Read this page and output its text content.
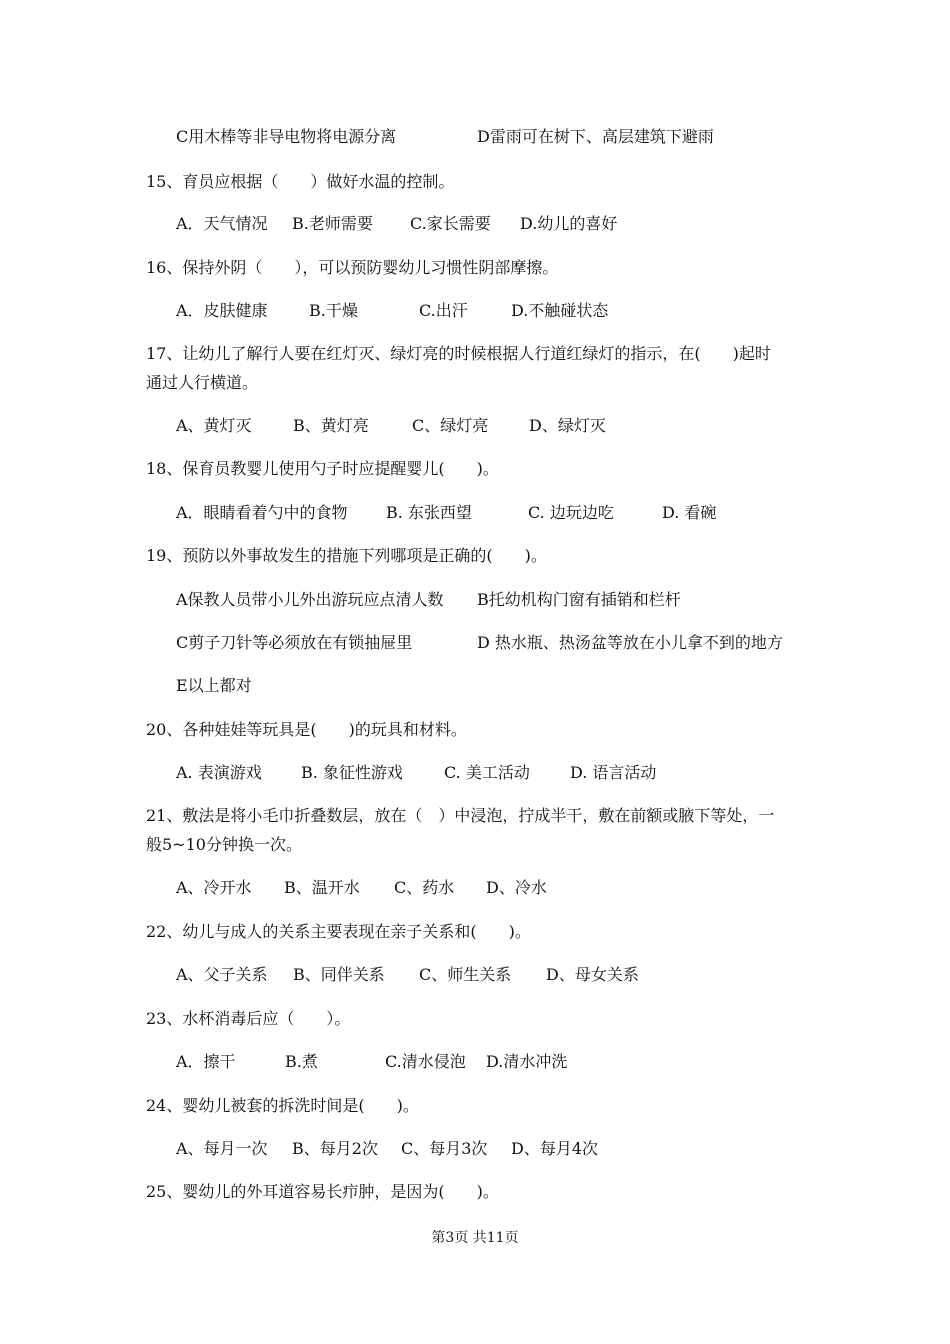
C用木棒等非导电物将电源分离	D雷雨可在树下、高层建筑下避雨
15、育员应根据（　　）做好水温的控制。
A．天气情况 B.老师需要 C.家长需要 D.幼儿的喜好
16、保持外阴（　　），可以预防婴幼儿习惯性阴部摩擦。
A．皮肤健康	B.干燥	C.出汗	D.不触碰状态
17、让幼儿了解行人要在红灯灭、绿灯亮的时候根据人行道红绿灯的指示，在(　　)起时
通过人行横道。
A、黄灯灭	B、黄灯亮	C、绿灯亮	D、绿灯灭
18、保育员教婴儿使用勺子时应提醒婴儿(　　)。
A．眼睛看着勺中的食物 B. 东张西望	C. 边玩边吃	D. 看碗
19、预防以外事故发生的措施下列哪项是正确的(　　)。
A保教人员带小儿外出游玩应点清人数 B托幼机构门窗有插销和栏杆
C剪子刀针等必须放在有锁抽屉里	D 热水瓶、热汤盆等放在小儿拿不到的地方
E以上都对
20、各种娃娃等玩具是(　　)的玩具和材料。
A. 表演游戏 B. 象征性游戏	C. 美工活动	D. 语言活动
21、敷法是将小毛巾折叠数层，放在（　）中浸泡，拧成半干，敷在前额或腋下等处，一
般5~10分钟换一次。
A、冷开水 B、温开水 C、药水 D、冷水
22、幼儿与成人的关系主要表现在亲子关系和(　　)。
A、父子关系 B、同伴关系 C、师生关系 D、母女关系
23、水杯消毒后应（　　）。
A．擦干	B.煮	C.清水侵泡 D.清水冲洗
24、婴幼儿被套的拆洗时间是(　　)。
A、每月一次 B、每月2次 C、每月3次 D、每月4次
25、婴幼儿的外耳道容易长疖肿，是因为(　　)。
第3页 共11页
